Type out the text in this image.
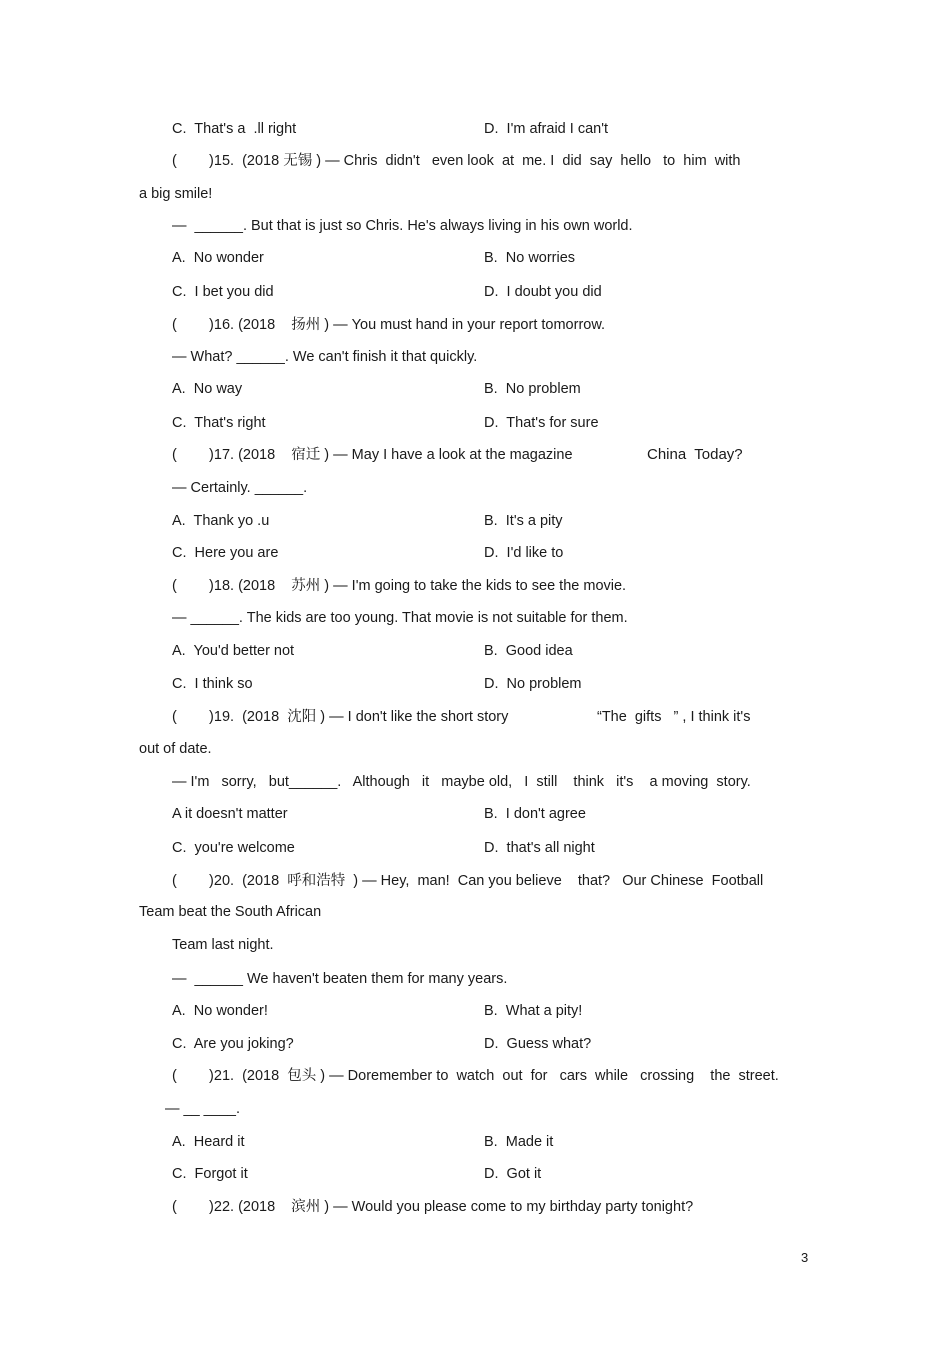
C.  That's a  .ll right	D.  I'm afraid I can't
(        )15.  (2018 无锡 ) — Chris  didn't   even look  at  me. I  did  say  hello   to  him  with
a big smile!
—  ______. But that is just so Chris. He's always living in his own world.
A.  No wonder	B.  No worries
C.  I bet you did	D.  I doubt you did
(        )16. (2018    扬州 ) — You must hand in your report tomorrow.
— What? ______. We can't finish it that quickly.
A.  No way	B.  No problem
C.  That's right	D.  That's for sure
(        )17. (2018    宿迁 ) — May I have a look at the magazine	China  Today?
— Certainly. ______.
A.  Thank yo .u	B.  It's a pity
C.  Here you are	D.  I'd like to
(        )18. (2018    苏州 ) — I'm going to take the kids to see the movie.
— ______. The kids are too young. That movie is not suitable for them.
A.  You'd better not	B.  Good idea
C.  I think so	D.  No problem
(        )19.  (2018  沈阳 ) — I don't like the short story	“The  gifts   ” , I think it's
out of date.
— I'm   sorry,   but______.   Although   it   maybe old,   I  still    think   it's    a moving  story.
A it doesn't matter	B.  I don't agree
C.  you're welcome	D.  that's all night
(        )20.  (2018  呼和浩特  ) — Hey,  man!  Can you believe    that?   Our Chinese  Football
Team beat the South African
Team last night.
—  ______ We haven't beaten them for many years.
A.  No wonder!	B.  What a pity!
C.  Are you joking?	D.  Guess what?
(        )21.  (2018  包头 ) — Doremember to  watch  out  for   cars  while   crossing    the  street.
— __ ____.
A.  Heard it	B.  Made it
C.  Forgot it	D.  Got it
(        )22. (2018    滨州 ) — Would you please come to my birthday party tonight?
3
